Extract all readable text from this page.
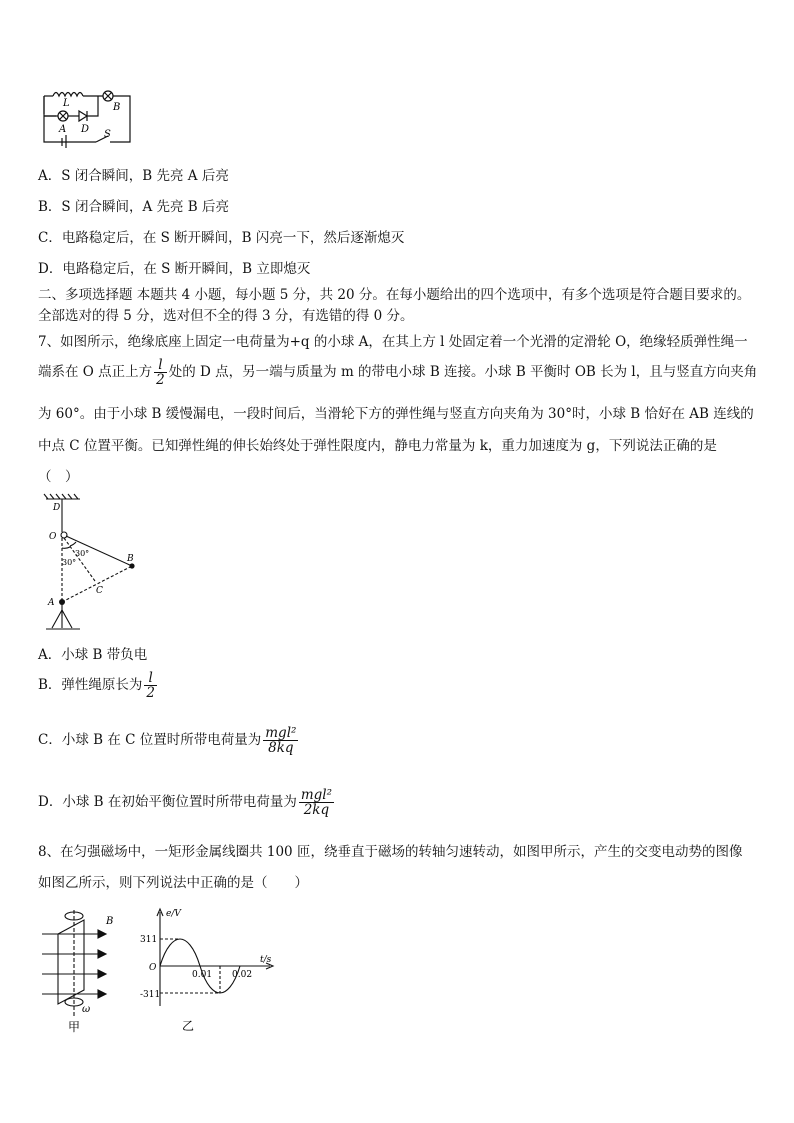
L	B
A D S
A．S 闭合瞬间，B 先亮 A 后亮
B．S 闭合瞬间，A 先亮 B 后亮
C．电路稳定后，在 S 断开瞬间，B 闪亮一下，然后逐渐熄灭
D．电路稳定后，在 S 断开瞬间，B 立即熄灭
二、多项选择题 本题共 4 小题，每小题 5 分，共 20 分。在每小题给出的四个选项中，有多个选项是符合题目要求的。
全部选对的得 5 分，选对但不全的得 3 分，有选错的得 0 分。
7、如图所示，绝缘底座上固定一电荷量为+q 的小球 A，在其上方 l 处固定着一个光滑的定滑轮 O，绝缘轻质弹性绳一
端系在 O 点正上方 $\frac{l}{2}$ 处的 D 点，另一端与质量为 m 的带电小球 B 连接。小球 B 平衡时 OB 长为 l，且与竖直方向夹角
为 60°。由于小球 B 缓慢漏电，一段时间后，当滑轮下方的弹性绳与竖直方向夹角为 30°时，小球 B 恰好在 AB 连线的
中点 C 位置平衡。已知弹性绳的伸长始终处于弹性限度内，静电力常量为 k，重力加速度为 g，下列说法正确的是
（　）
D
O
B
C
A
30°
30°
A．小球 B 带负电
B．弹性绳原长为 $\frac{l}{2}$
C．小球 B 在 C 位置时所带电荷量为 $\frac{\text{mgl²}}{8kq}$
D．小球 B 在初始平衡位置时所带电荷量为 $\frac{\text{mgl²}}{2kq}$
8、在匀强磁场中，一矩形金属线圈共 100 匝，绕垂直于磁场的转轴匀速转动，如图甲所示，产生的交变电动势的图像
如图乙所示，则下列说法中正确的是（　　）
B
ω
甲
e/V
311
-311
O
0.01 0.02
t/s
乙
